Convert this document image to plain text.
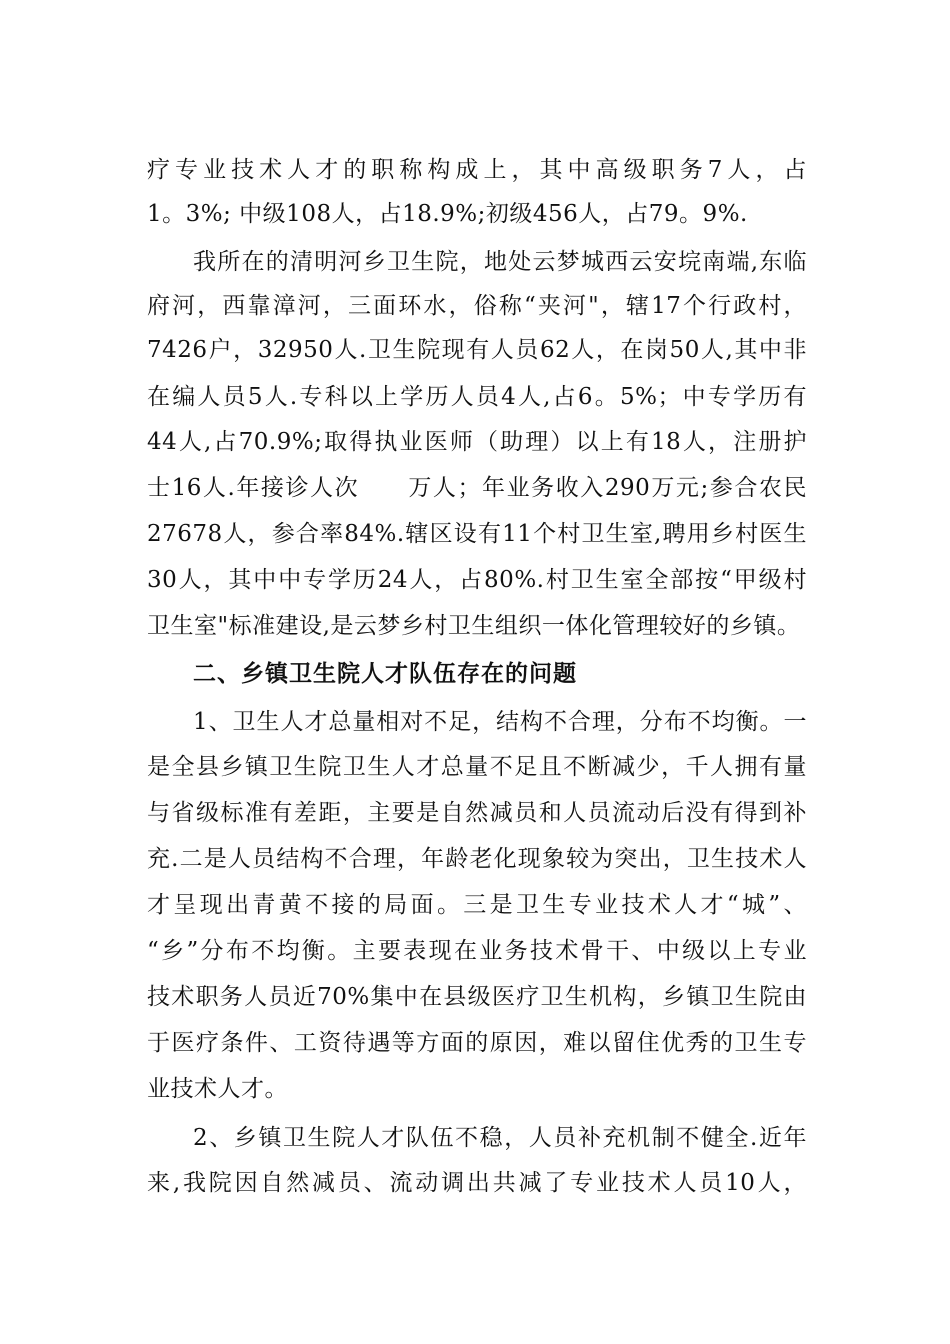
疗专业技术人才的职称构成上，其中高级职务7人，占
1。3%; 中级108人，占18.9%;初级456人，占79。9%.
我所在的清明河乡卫生院，地处云梦城西云安垸南端,东临
府河，西靠漳河，三面环水，俗称“夹河"，辖17个行政村，
7426户，32950人.卫生院现有人员62人，在岗50人,其中非
在编人员5人.专科以上学历人员4人,占6。5%；中专学历有
44人,占70.9%;取得执业医师（助理）以上有18人，注册护
士16人.年接诊人次　　万人；年业务收入290万元;参合农民
27678人，参合率84%.辖区设有11个村卫生室,聘用乡村医生
30人，其中中专学历24人，占80%.村卫生室全部按“甲级村
卫生室"标准建设,是云梦乡村卫生组织一体化管理较好的乡镇。
二、乡镇卫生院人才队伍存在的问题
1、卫生人才总量相对不足，结构不合理，分布不均衡。一
是全县乡镇卫生院卫生人才总量不足且不断减少，千人拥有量
与省级标准有差距，主要是自然减员和人员流动后没有得到补
充.二是人员结构不合理，年龄老化现象较为突出，卫生技术人
才呈现出青黄不接的局面。三是卫生专业技术人才“城”、
“乡”分布不均衡。主要表现在业务技术骨干、中级以上专业
技术职务人员近70%集中在县级医疗卫生机构，乡镇卫生院由
于医疗条件、工资待遇等方面的原因，难以留住优秀的卫生专
业技术人才。
2、乡镇卫生院人才队伍不稳，人员补充机制不健全.近年
来,我院因自然减员、流动调出共减了专业技术人员10人，
